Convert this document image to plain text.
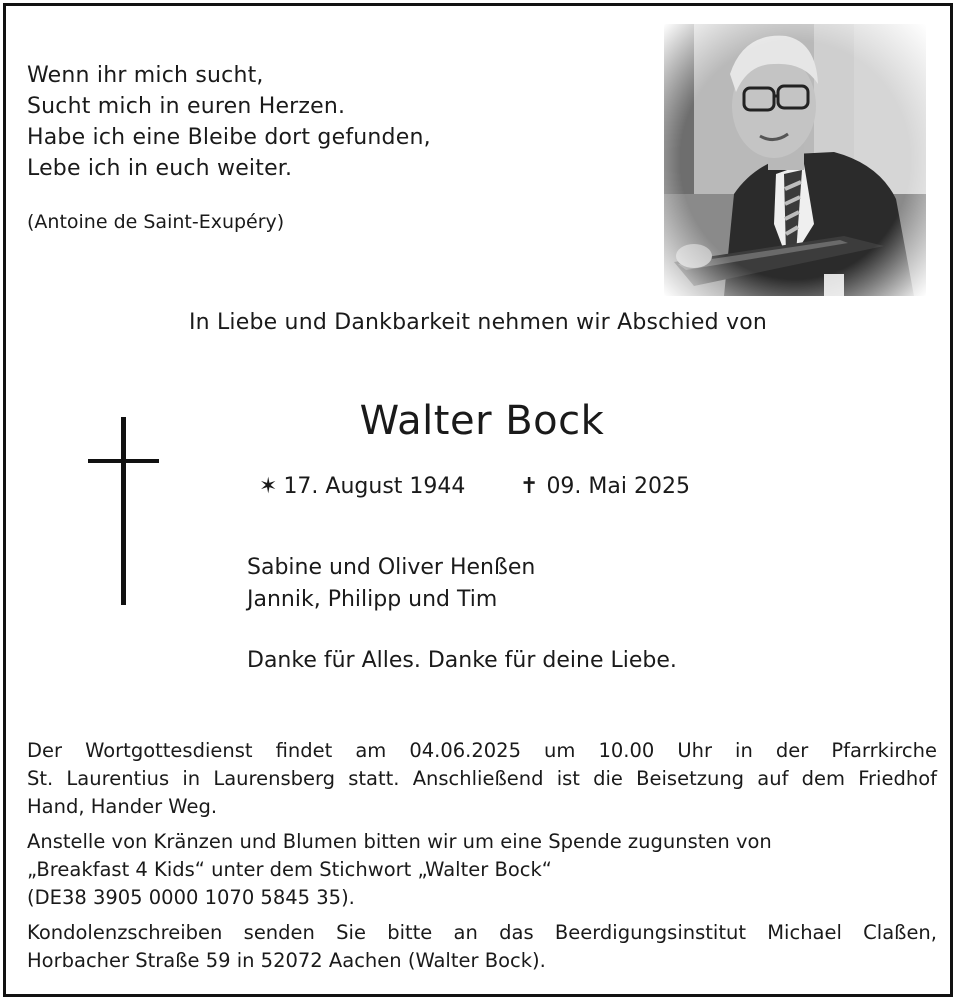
Wenn ihr mich sucht,
Sucht mich in euren Herzen.
Habe ich eine Bleibe dort gefunden,
Lebe ich in euch weiter.
(Antoine de Saint-Exupéry)
In Liebe und Dankbarkeit nehmen wir Abschied von
Walter Bock
✶ 17. August 1944 ✝ 09. Mai 2025
Sabine und Oliver Henßen
Jannik, Philipp und Tim
Danke für Alles. Danke für deine Liebe.

Der Wortgottesdienst findet am 04.06.2025 um 10.00 Uhr in der Pfarrkirche
St. Laurentius in Laurensberg statt. Anschließend ist die Beisetzung auf dem Friedhof
Hand, Hander Weg.

Anstelle von Kränzen und Blumen bitten wir um eine Spende zugunsten von
„Breakfast 4 Kids“ unter dem Stichwort „Walter Bock“
(DE38 3905 0000 1070 5845 35).

Kondolenzschreiben senden Sie bitte an das Beerdigungsinstitut Michael Claßen,
Horbacher Straße 59 in 52072 Aachen (Walter Bock).
